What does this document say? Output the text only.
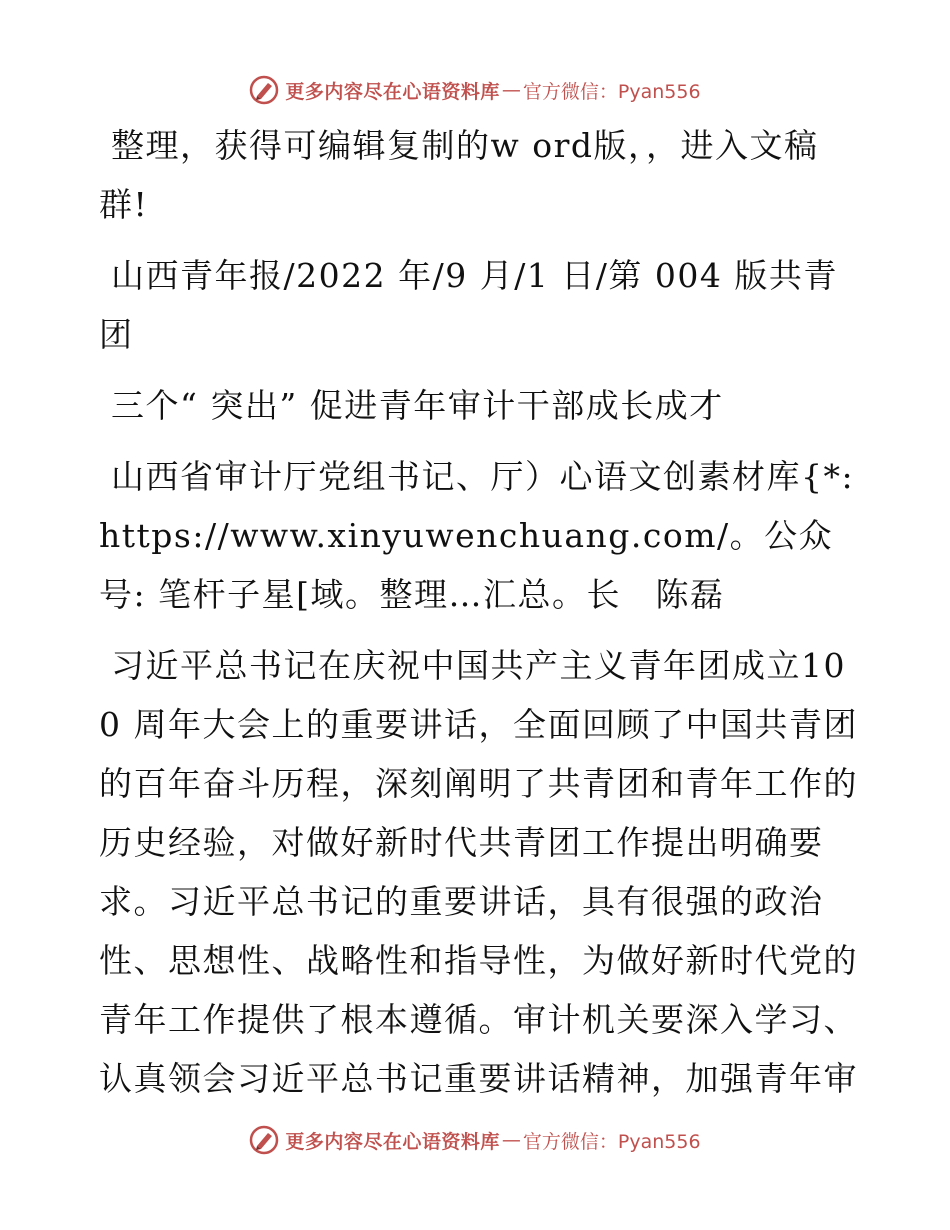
更多内容尽在心语资料库 — 官方微信：Pyan556

整理，获得可编辑复制的w ord版，，进入文稿群!

山西青年报/2022 年/9 月/1 日/第 004 版共青团

三个“ 突出” 促进青年审计干部成长成才

山西省审计厅党组书记、厅）心语文创素材库{*: https://www.xinyuwenchuang.com/。公众号: 笔杆子星[域。整理…汇总。长　陈磊

习近平总书记在庆祝中国共产主义青年团成立100 周年大会上的重要讲话，全面回顾了中国共青团的百年奋斗历程，深刻阐明了共青团和青年工作的历史经验，对做好新时代共青团工作提出明确要求。习近平总书记的重要讲话，具有很强的政治性、思想性、战略性和指导性，为做好新时代党的青年工作提供了根本遵循。审计机关要深入学习、认真领会习近平总书记重要讲话精神，加强青年审

更多内容尽在心语资料库 — 官方微信：Pyan556
